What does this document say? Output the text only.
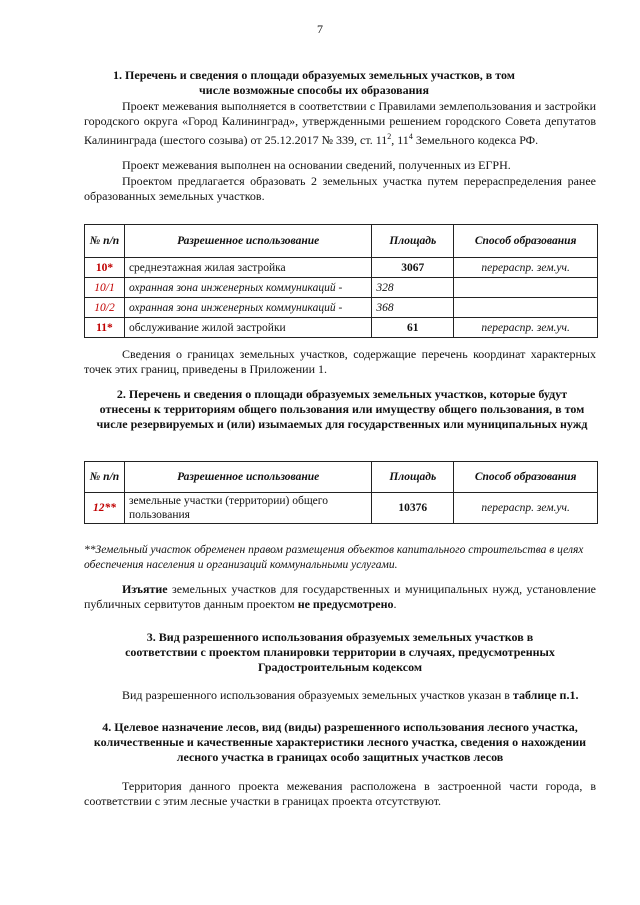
7
1. Перечень и сведения о площади образуемых земельных участков, в том числе возможные способы их образования
Проект межевания выполняется в соответствии с Правилами землепользования и застройки городского округа «Город Калининград», утвержденными решением городского Совета депутатов Калининграда (шестого созыва) от 25.12.2017 № 339, ст. $11^2$, $11^4$ Земельного кодекса РФ.
Проект межевания выполнен на основании сведений, полученных из ЕГРН.
Проектом предлагается образовать 2 земельных участка путем перераспределения ранее образованных земельных участков.
№ п/п	Разрешенное использование	Площадь	Способ образования
10*	среднеэтажная жилая застройка	3067	перераспр. зем.уч.
10/1	охранная зона инженерных коммуникаций -	328	
10/2	охранная зона инженерных коммуникаций -	368	
11*	обслуживание жилой застройки	61	перераспр. зем.уч.
Сведения о границах земельных участков, содержащие перечень координат характерных точек этих границ, приведены в Приложении 1.
2. Перечень и сведения о площади образуемых земельных участков, которые будут отнесены к территориям общего пользования или имуществу общего пользования, в том числе резервируемых и (или) изымаемых для государственных или муниципальных нужд
№ п/п	Разрешенное использование	Площадь	Способ образования
12**	земельные участки (территории) общего пользования	10376	перераспр. зем.уч.
**Земельный участок обременен правом размещения объектов капитального строительства в целях обеспечения населения и организаций коммунальными услугами.
Изъятие земельных участков для государственных и муниципальных нужд, установление публичных сервитутов данным проектом не предусмотрено.
3. Вид разрешенного использования образуемых земельных участков в соответствии с проектом планировки территории в случаях, предусмотренных Градостроительным кодексом
Вид разрешенного использования образуемых земельных участков указан в таблице п.1.
4. Целевое назначение лесов, вид (виды) разрешенного использования лесного участка, количественные и качественные характеристики лесного участка, сведения о нахождении лесного участка в границах особо защитных участков лесов
Территория данного проекта межевания расположена в застроенной части города, в соответствии с этим лесные участки в границах проекта отсутствуют.
